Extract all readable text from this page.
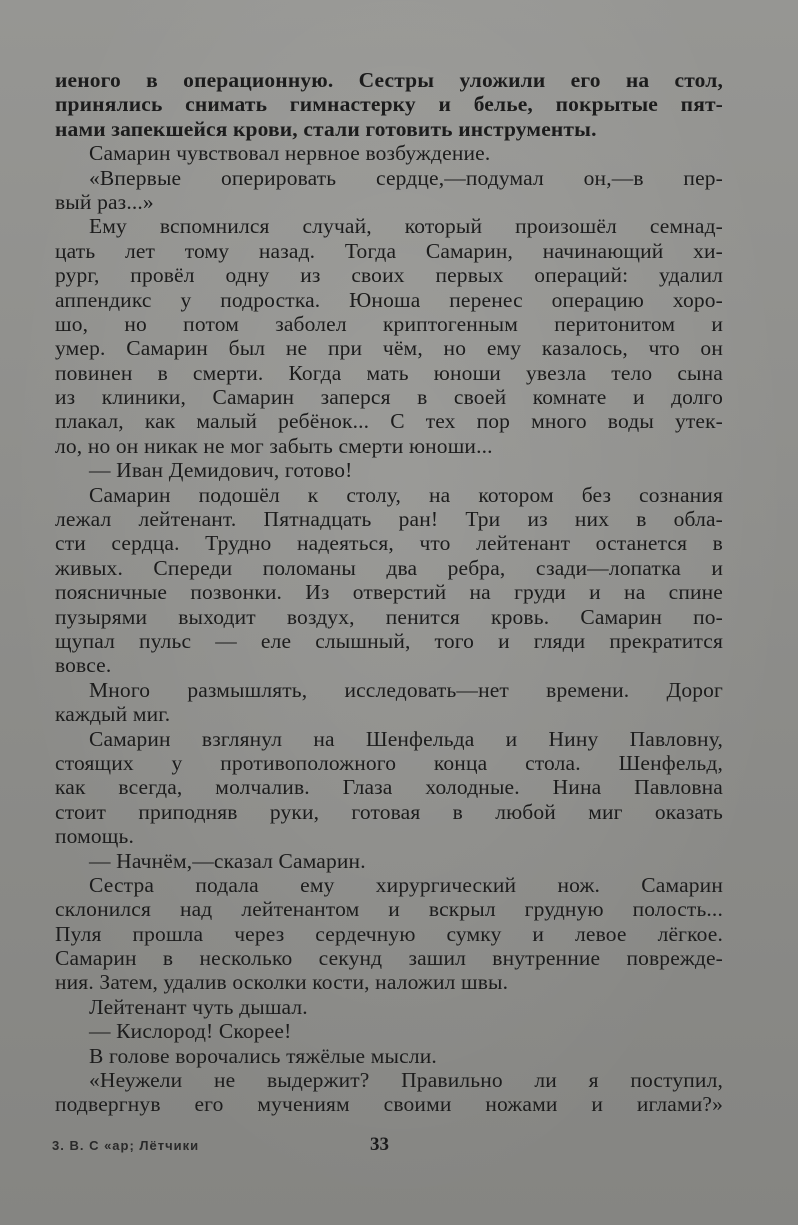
иеного в операционную. Сестры уложили его на стол,
принялись снимать гимнастерку и белье, покрытые пят-
нами запекшейся крови, стали готовить инструменты.
Самарин чувствовал нервное возбуждение.
«Впервые оперировать сердце,—подумал он,—в пер-
вый раз...»
Ему вспомнился случай, который произошёл семнад-
цать лет тому назад. Тогда Самарин, начинающий хи-
рург, провёл одну из своих первых операций: удалил
аппендикс у подростка. Юноша перенес операцию хоро-
шо, но потом заболел криптогенным перитонитом и
умер. Самарин был не при чём, но ему казалось, что он
повинен в смерти. Когда мать юноши увезла тело сына
из клиники, Самарин заперся в своей комнате и долго
плакал, как малый ребёнок... С тех пор много воды утек-
ло, но он никак не мог забыть смерти юноши...
— Иван Демидович, готово!
Самарин подошёл к столу, на котором без сознания
лежал лейтенант. Пятнадцать ран! Три из них в обла-
сти сердца. Трудно надеяться, что лейтенант останется в
живых. Спереди поломаны два ребра, сзади—лопатка и
поясничные позвонки. Из отверстий на груди и на спине
пузырями выходит воздух, пенится кровь. Самарин по-
щупал пульс — еле слышный, того и гляди прекратится
вовсе.
Много размышлять, исследовать—нет времени. Дорог
каждый миг.
Самарин взглянул на Шенфельда и Нину Павловну,
стоящих у противоположного конца стола. Шенфельд,
как всегда, молчалив. Глаза холодные. Нина Павловна
стоит приподняв руки, готовая в любой миг оказать
помощь.
— Начнём,—сказал Самарин.
Сестра подала ему хирургический нож. Самарин
склонился над лейтенантом и вскрыл грудную полость...
Пуля прошла через сердечную сумку и левое лёгкое.
Самарин в несколько секунд зашил внутренние поврежде-
ния. Затем, удалив осколки кости, наложил швы.
Лейтенант чуть дышал.
— Кислород! Скорее!
В голове ворочались тяжёлые мысли.
«Неужели не выдержит? Правильно ли я поступил,
подвергнув его мучениям своими ножами и иглами?»
3. В. С «ар; Лётчики	33
